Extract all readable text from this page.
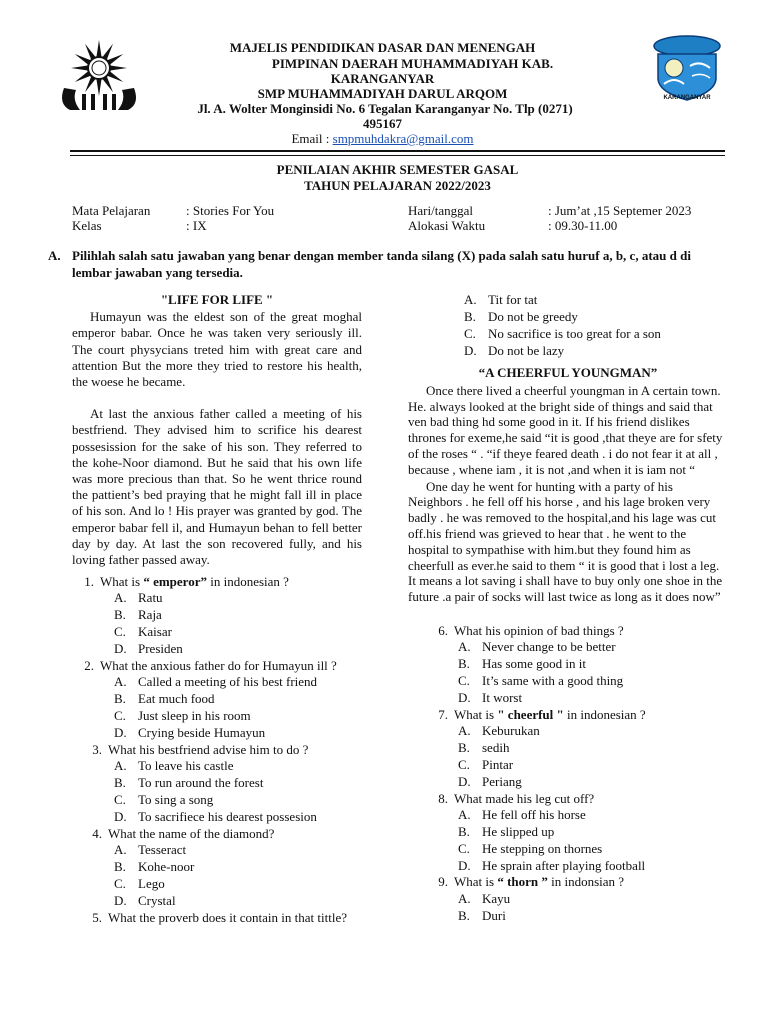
KARANGANYAR
MAJELIS PENDIDIKAN DASAR DAN MENENGAH
PIMPINAN DAERAH MUHAMMADIYAH KAB.
KARANGANYAR
SMP MUHAMMADIYAH DARUL ARQOM
Jl. A. Wolter Monginsidi No. 6 Tegalan Karanganyar No. Tlp (0271)
495167
Email : smpmuhdakra@gmail.com
PENILAIAN AKHIR SEMESTER GASAL
TAHUN PELAJARAN 2022/2023
Mata Pelajaran	: Stories For You
Kelas	: IX
Hari/tanggal	: Jum’at ,15 Septemer 2023
Alokasi Waktu	: 09.30-11.00
A. Pilihlah salah satu jawaban yang benar dengan member tanda silang (X) pada salah satu huruf a, b, c, atau d di lembar jawaban yang tersedia.
"LIFE FOR LIFE "

Humayun was the eldest son of the great moghal emperor babar. Once he was taken very seriously ill. The court physycians treted him with great care and attention But the more they tried to restore his health, the woese he became.

At last the anxious father called a meeting of his bestfriend. They advised him to scrifice his dearest possesission for the sake of his son. They referred to the kohe-Noor diamond. But he said that his own life was more precious than that. So he went thrice round the pattient’s bed praying that he might fall ill in place of his son. And lo ! His prayer was granted by god. The emperor babar fell il, and Humayun behan to fell better day by day. At last the son recovered fully, and his loving father passed away.

1. What is “ emperor” in indonesian ?
A. Ratu
B. Raja
C. Kaisar
D. Presiden
2. What the anxious father do for Humayun ill ?
A. Called a meeting of his best friend
B. Eat much food
C. Just sleep in his room
D. Crying beside Humayun
3. What his bestfriend advise him to do ?
A. To leave his castle
B. To run around the forest
C. To sing a song
D. To sacrifiece his dearest possesion
4. What the name of the diamond?
A. Tesseract
B. Kohe-noor
C. Lego
D. Crystal
5. What the proverb does it contain in that tittle?
A. Tit for tat
B. Do not be greedy
C. No sacrifice is too great for a son
D. Do not be lazy
“A CHEERFUL YOUNGMAN”

Once there lived a cheerful youngman in A certain town. He. always looked at the bright side of things and said that ven bad thing hd some good in it. If his friend dislikes thrones for exeme,he said “it is good ,that theye are for sfety of the roses “ . “if theye feared death . i do not fear it at all , because , whene iam , it is not ,and when it is iam not “

One day he went for hunting with a party of his Neighbors . he fell off his horse , and his lage broken very badly . he was removed to the hospital,and his lage was cut off.his friend was grieved to hear that . he went to the hospital to sympathise with him.but they found him as cheerfull as ever.he said to them “ it is good that i lost a leg. It means a lot saving i shall have to buy only one shoe in the future .a pair of socks will last twice as long as it does now”

6. What his opinion of bad things ?
A. Never change to be better
B. Has some good in it
C. It’s same with a good thing
D. It worst
7. What is " cheerful " in indonesian ?
A. Keburukan
B. sedih
C. Pintar
D. Periang
8. What made his leg cut off?
A. He fell off his horse
B. He slipped up
C. He stepping on thornes
D. He sprain after playing football
9. What is “ thorn ” in indonsian ?
A. Kayu
B. Duri
